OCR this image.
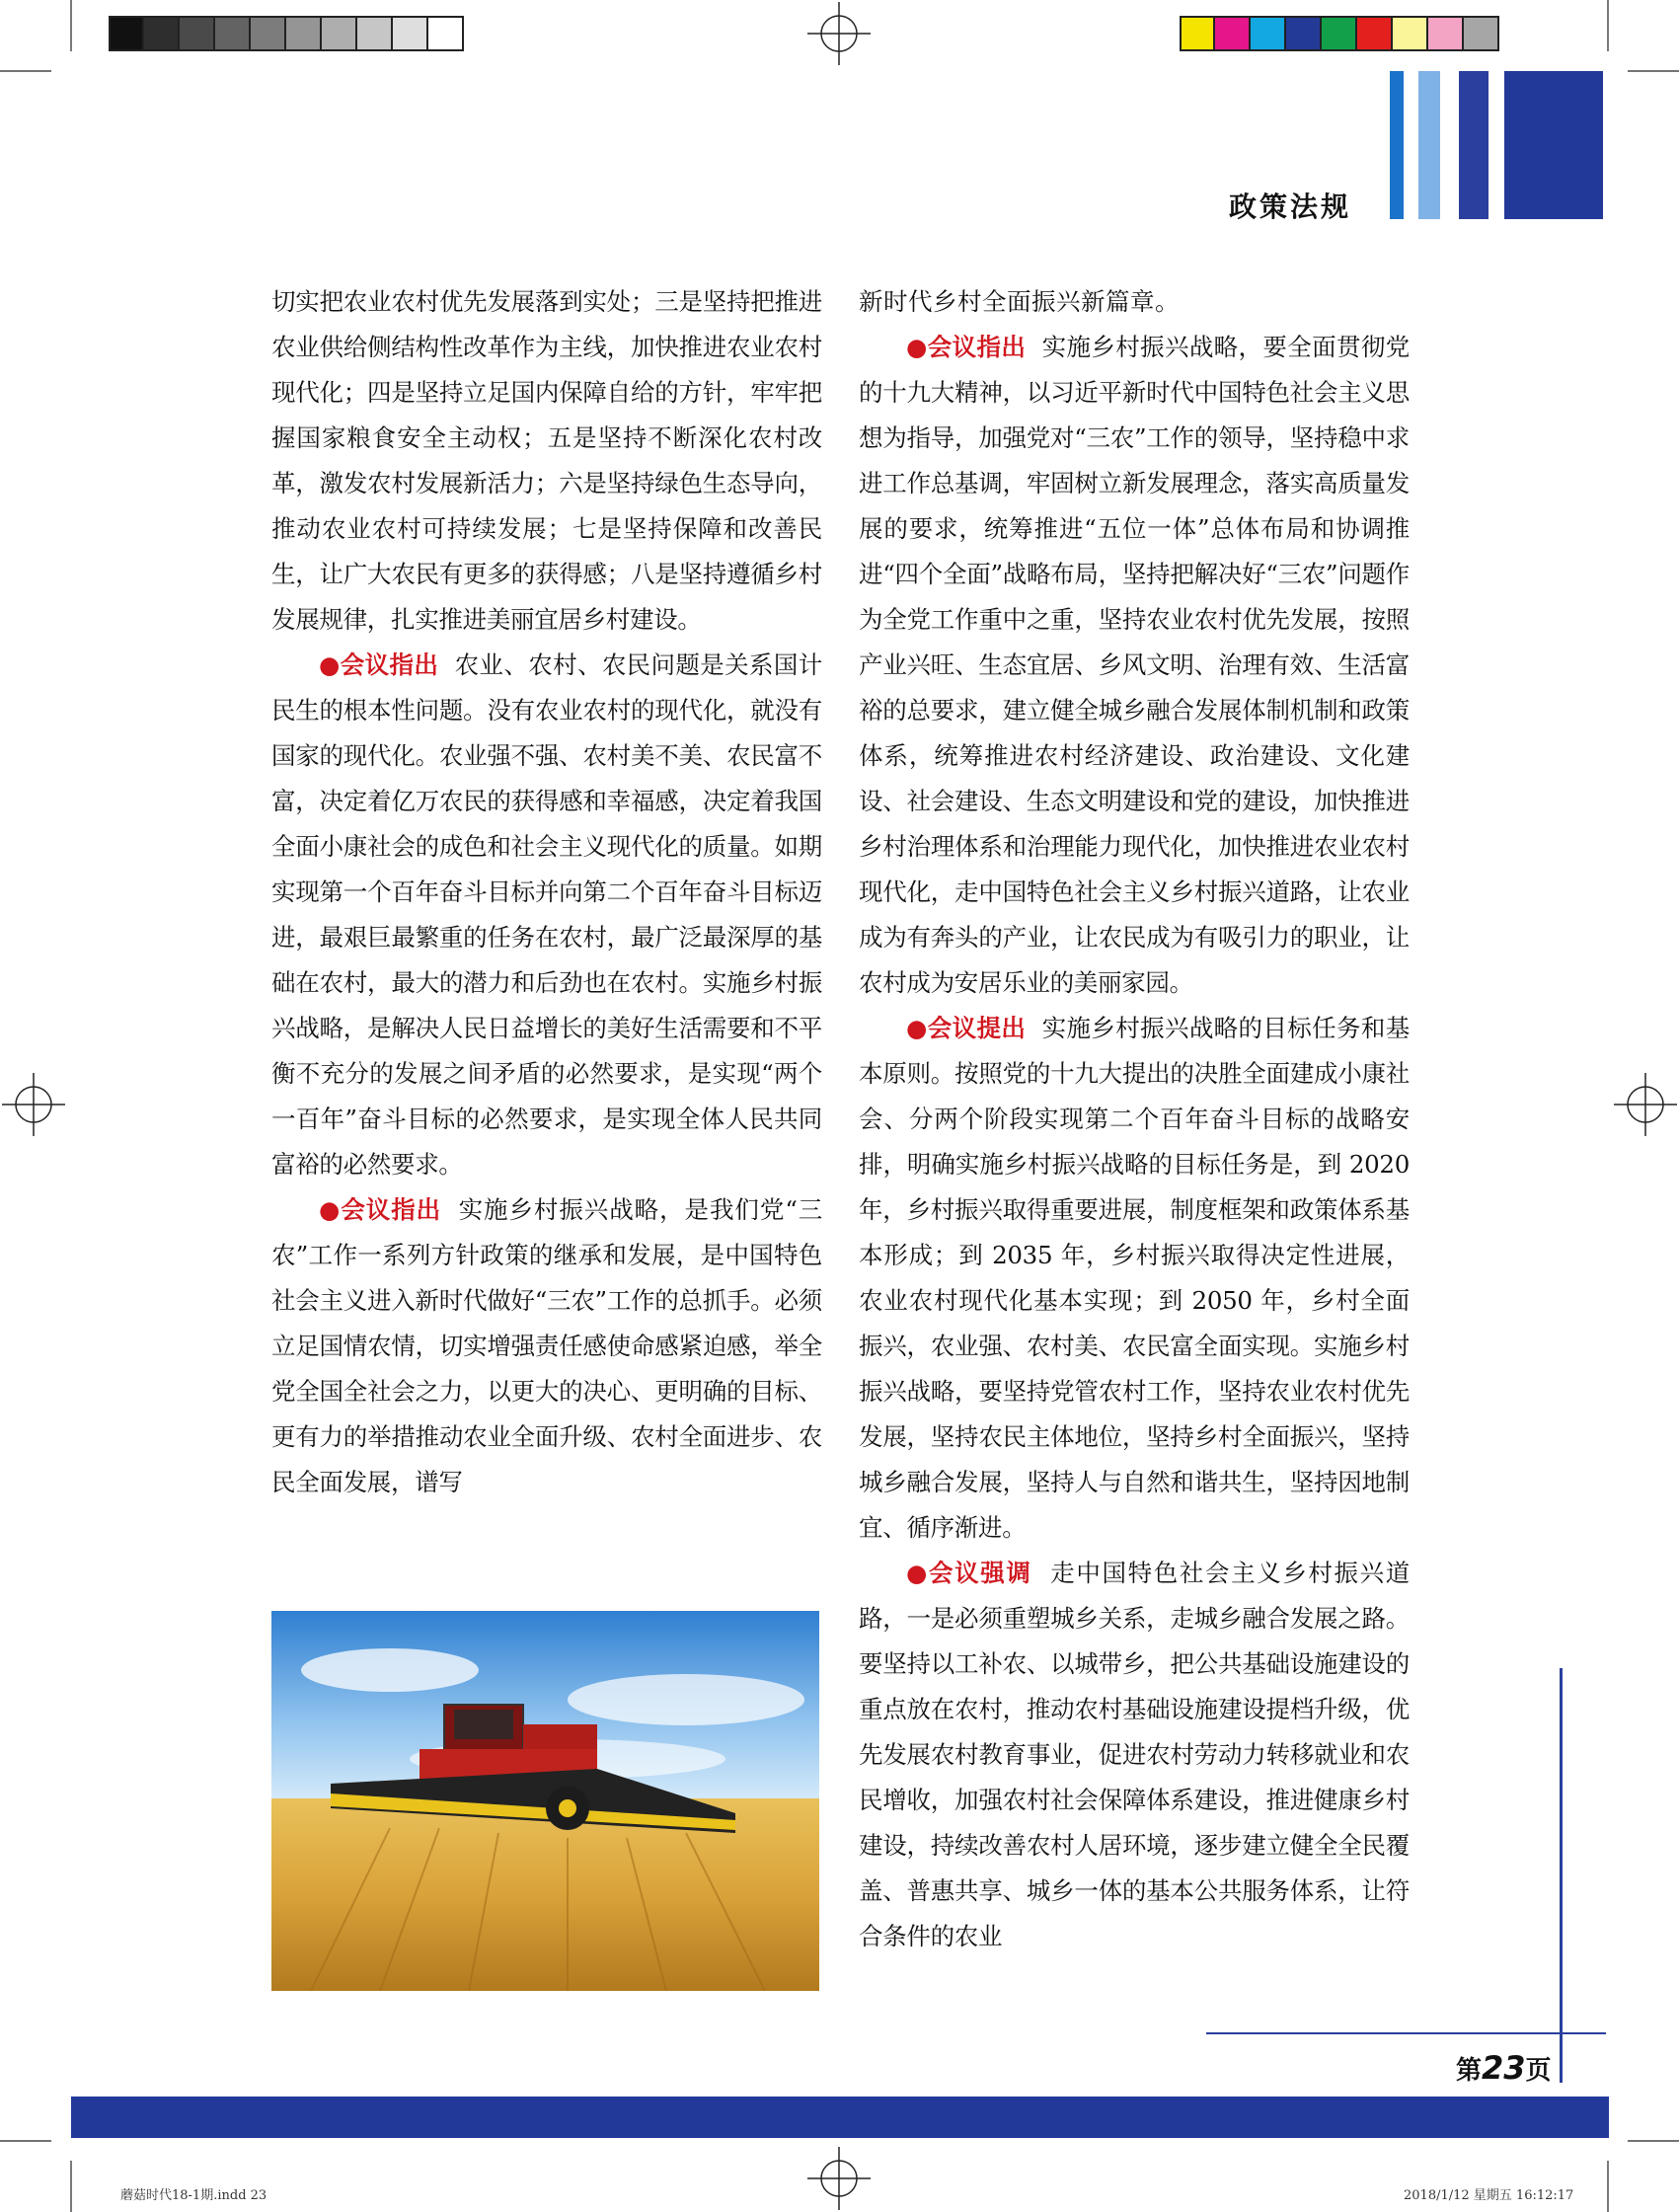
政策法规

切实把农业农村优先发展落到实处；三是坚持把推进农业供给侧结构性改革作为主线，加快推进农业农村现代化；四是坚持立足国内保障自给的方针，牢牢把握国家粮食安全主动权；五是坚持不断深化农村改革，激发农村发展新活力；六是坚持绿色生态导向，推动农业农村可持续发展；七是坚持保障和改善民生，让广大农民有更多的获得感；八是坚持遵循乡村发展规律，扎实推进美丽宜居乡村建设。

●会议指出 农业、农村、农民问题是关系国计民生的根本性问题。没有农业农村的现代化，就没有国家的现代化。农业强不强、农村美不美、农民富不富，决定着亿万农民的获得感和幸福感，决定着我国全面小康社会的成色和社会主义现代化的质量。如期实现第一个百年奋斗目标并向第二个百年奋斗目标迈进，最艰巨最繁重的任务在农村，最广泛最深厚的基础在农村，最大的潜力和后劲也在农村。实施乡村振兴战略，是解决人民日益增长的美好生活需要和不平衡不充分的发展之间矛盾的必然要求，是实现“两个一百年”奋斗目标的必然要求，是实现全体人民共同富裕的必然要求。

●会议指出 实施乡村振兴战略，是我们党“三农”工作一系列方针政策的继承和发展，是中国特色社会主义进入新时代做好“三农”工作的总抓手。必须立足国情农情，切实增强责任感使命感紧迫感，举全党全国全社会之力，以更大的决心、更明确的目标、更有力的举措推动农业全面升级、农村全面进步、农民全面发展，谱写

新时代乡村全面振兴新篇章。

●会议指出 实施乡村振兴战略，要全面贯彻党的十九大精神，以习近平新时代中国特色社会主义思想为指导，加强党对“三农”工作的领导，坚持稳中求进工作总基调，牢固树立新发展理念，落实高质量发展的要求，统筹推进“五位一体”总体布局和协调推进“四个全面”战略布局，坚持把解决好“三农”问题作为全党工作重中之重，坚持农业农村优先发展，按照产业兴旺、生态宜居、乡风文明、治理有效、生活富裕的总要求，建立健全城乡融合发展体制机制和政策体系，统筹推进农村经济建设、政治建设、文化建设、社会建设、生态文明建设和党的建设，加快推进乡村治理体系和治理能力现代化，加快推进农业农村现代化，走中国特色社会主义乡村振兴道路，让农业成为有奔头的产业，让农民成为有吸引力的职业，让农村成为安居乐业的美丽家园。

●会议提出 实施乡村振兴战略的目标任务和基本原则。按照党的十九大提出的决胜全面建成小康社会、分两个阶段实现第二个百年奋斗目标的战略安排，明确实施乡村振兴战略的目标任务是，到 2020 年，乡村振兴取得重要进展，制度框架和政策体系基本形成；到 2035 年，乡村振兴取得决定性进展，农业农村现代化基本实现；到 2050 年，乡村全面振兴，农业强、农村美、农民富全面实现。实施乡村振兴战略，要坚持党管农村工作，坚持农业农村优先发展，坚持农民主体地位，坚持乡村全面振兴，坚持城乡融合发展，坚持人与自然和谐共生，坚持因地制宜、循序渐进。

●会议强调 走中国特色社会主义乡村振兴道路，一是必须重塑城乡关系，走城乡融合发展之路。要坚持以工补农、以城带乡，把公共基础设施建设的重点放在农村，推动农村基础设施建设提档升级，优先发展农村教育事业，促进农村劳动力转移就业和农民增收，加强农村社会保障体系建设，推进健康乡村建设，持续改善农村人居环境，逐步建立健全全民覆盖、普惠共享、城乡一体的基本公共服务体系，让符合条件的农业

第23页
蘑菇时代18-1期.indd 23	2018/1/12 星期五 16:12:17
